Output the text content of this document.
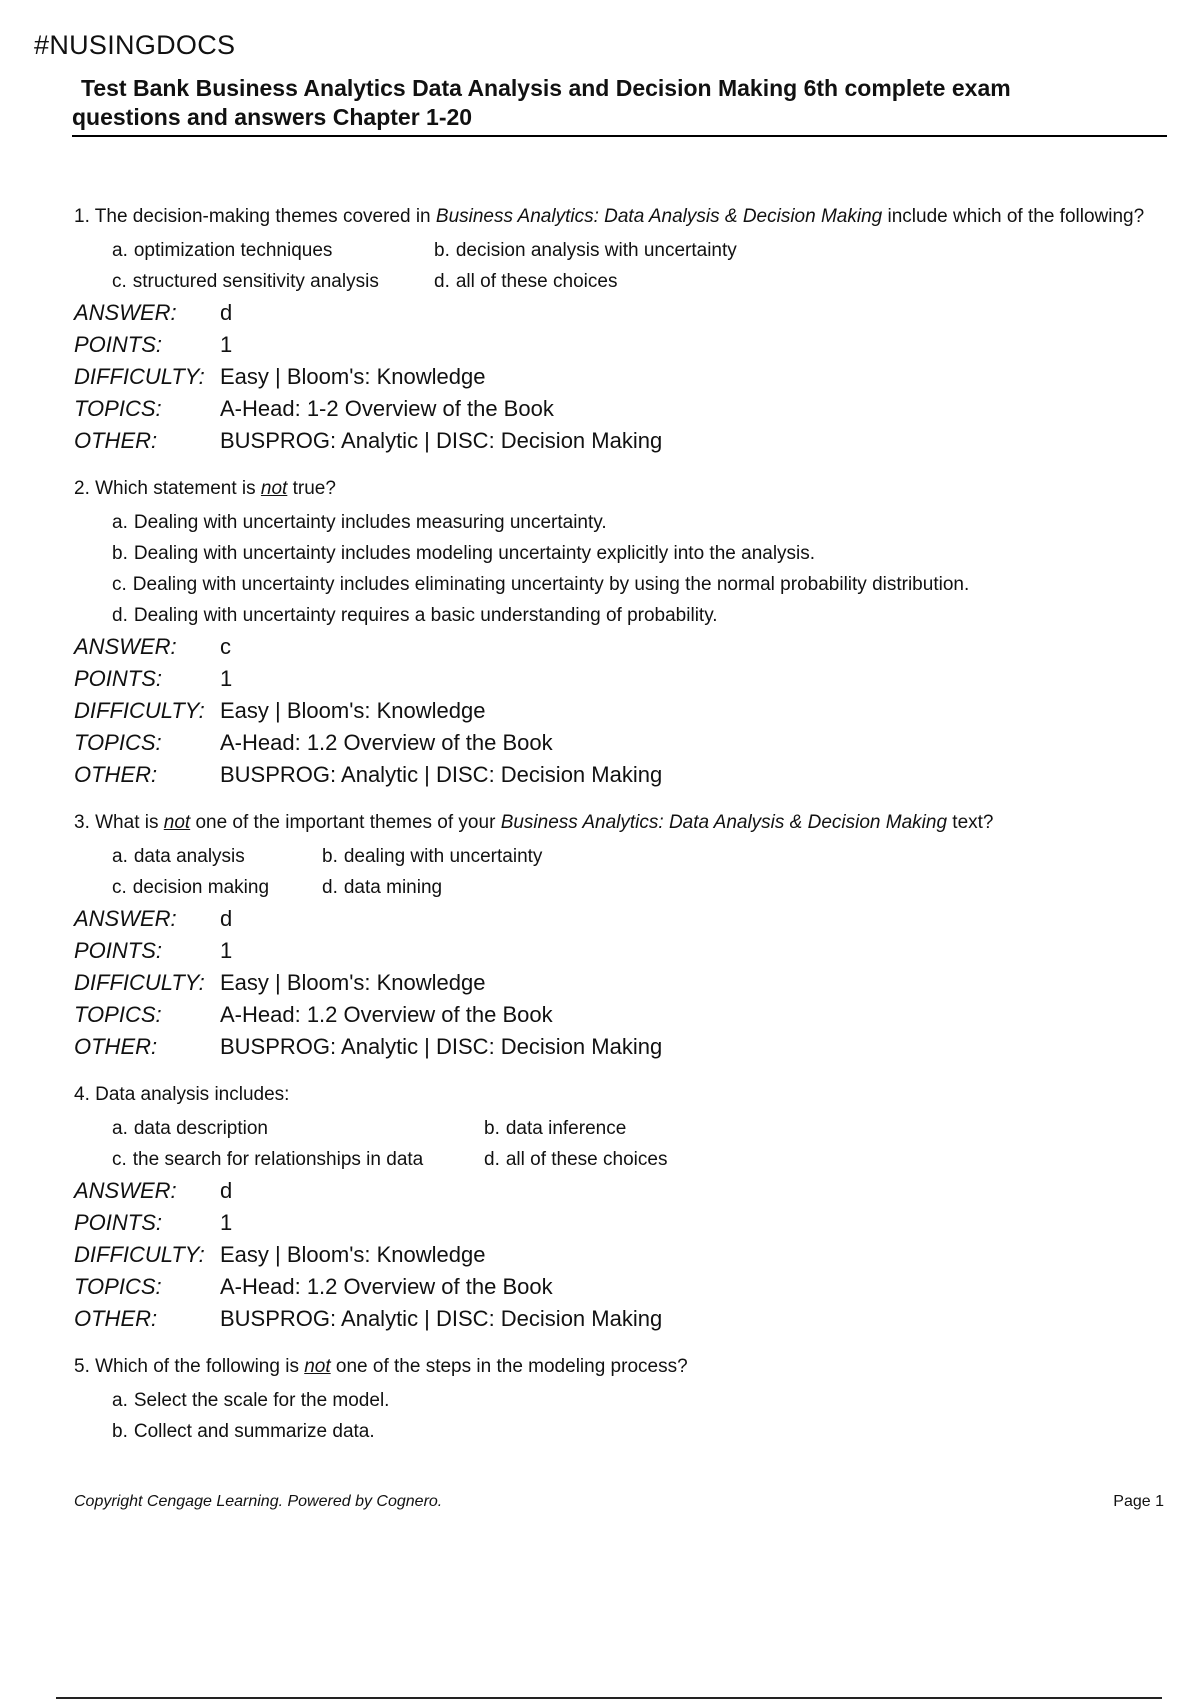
#NUSINGDOCS
Test Bank Business Analytics Data Analysis and Decision Making 6th complete exam
questions and answers Chapter 1-20
1. The decision-making themes covered in Business Analytics: Data Analysis & Decision Making include which of the following?
a. optimization techniques	b. decision analysis with uncertainty
c. structured sensitivity analysis	d. all of these choices
ANSWER:	d
POINTS:	1
DIFFICULTY: Easy | Bloom's: Knowledge
TOPICS:	A-Head: 1-2 Overview of the Book
OTHER:	BUSPROG: Analytic | DISC: Decision Making
2. Which statement is not true?
a. Dealing with uncertainty includes measuring uncertainty.
b. Dealing with uncertainty includes modeling uncertainty explicitly into the analysis.
c. Dealing with uncertainty includes eliminating uncertainty by using the normal probability distribution.
d. Dealing with uncertainty requires a basic understanding of probability.
ANSWER:	c
POINTS:	1
DIFFICULTY: Easy | Bloom's: Knowledge
TOPICS:	A-Head: 1.2 Overview of the Book
OTHER:	BUSPROG: Analytic | DISC: Decision Making
3. What is not one of the important themes of your Business Analytics: Data Analysis & Decision Making text?
a. data analysis	b. dealing with uncertainty
c. decision making	d. data mining
ANSWER:	d
POINTS:	1
DIFFICULTY: Easy | Bloom's: Knowledge
TOPICS:	A-Head: 1.2 Overview of the Book
OTHER:	BUSPROG: Analytic | DISC: Decision Making
4. Data analysis includes:
a. data description	b. data inference
c. the search for relationships in data	d. all of these choices
ANSWER:	d
POINTS:	1
DIFFICULTY: Easy | Bloom's: Knowledge
TOPICS:	A-Head: 1.2 Overview of the Book
OTHER:	BUSPROG: Analytic | DISC: Decision Making
5. Which of the following is not one of the steps in the modeling process?
a. Select the scale for the model.
b. Collect and summarize data.
Copyright Cengage Learning. Powered by Cognero.	Page 1
